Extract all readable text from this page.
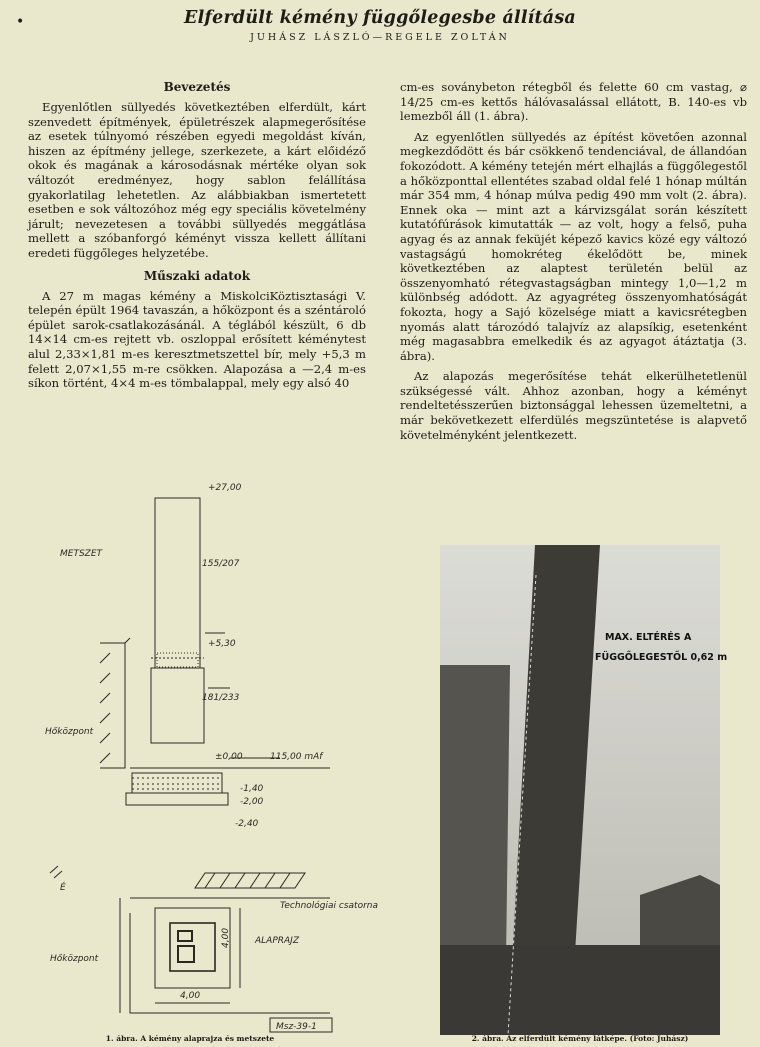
•	Elferdült kémény függőlegesbe állítása
JUHÁSZ LÁSZLÓ—REGELE ZOLTÁN
Bevezetés

Egyenlőtlen süllyedés következtében elferdült, kárt szenvedett építmények, épületrészek alapmegerősítése az esetek túlnyomó részében egyedi megoldást kíván, hiszen az építmény jellege, szerkezete, a kárt előidéző okok és magának a károsodásnak mértéke olyan sok változót eredményez, hogy sablon felállítása gyakorlatilag lehetetlen. Az alábbiakban ismertetett esetben e sok változóhoz még egy speciális követelmény járult; nevezetesen a további süllyedés meggátlása mellett a szóbanforgó kéményt vissza kellett állítani eredeti függőleges helyzetébe.

Műszaki adatok

A 27 m magas kémény a MiskolciKöztisztasági V. telepén épült 1964 tavaszán, a hőközpont és a széntároló épület sarok-csatlakozásánál. A téglából készült, 6 db 14×14 cm-es rejtett vb. oszloppal erősített kéménytest alul 2,33×1,81 m-es keresztmetszettel bír, mely +5,3 m felett 2,07×1,55 m-re csökken. Alapozása a —2,4 m-es síkon történt, 4×4 m-es tömbalappal, mely egy alsó 40

cm-es soványbeton rétegből és felette 60 cm vastag, ⌀ 14/25 cm-es kettős hálóvasalással ellátott, B. 140-es vb lemezből áll (1. ábra).

Az egyenlőtlen süllyedés az építést követően azonnal megkezdődött és bár csökkenő tendenciával, de állandóan fokozódott. A kémény tetején mért elhajlás a függőlegestől a hőközponttal ellentétes szabad oldal felé 1 hónap múltán már 354 mm, 4 hónap múlva pedig 490 mm volt (2. ábra). Ennek oka — mint azt a kárvizsgálat során készített kutatófúrások kimutatták — az volt, hogy a felső, puha agyag és az annak feküjét képező kavics közé egy változó vastagságú homokréteg ékelődött be, minek következtében az alaptest területén belül az összenyomható rétegvastagságban mintegy 1,0—1,2 m különbség adódott. Az agyagréteg összenyomhatóságát fokozta, hogy a Sajó közelsége miatt a kavicsrétegben nyomás alatt tározódó talajvíz az alapsíkig, esetenként még magasabbra emelkedik és az agyagot átáztatja (3. ábra).

Az alapozás megerősítése tehát elkerülhetetlenül szükségessé vált. Ahhoz azonban, hogy a kéményt rendeltetésszerűen biztonsággal lehessen üzemeltetni, a már bekövetkezett elferdülés megszüntetése is alapvető követelményként jelentkezett.

+27,00
METSZET
155/207
+5,30
181/233
Hőközpont
±0,00	115,00 mAf
-1,40
-2,00
-2,40
É
Technológiai csatorna
ALAPRAJZ
Hőközpont
4,00
4,00
Msz-39-1
MAX. ELTÉRÉS A
FÜGGŐLEGESTŐL 0,62 m
1. ábra. A kémény alaprajza és metszete	2. ábra. Az elferdült kémény látképe. (Foto: Juhász)
